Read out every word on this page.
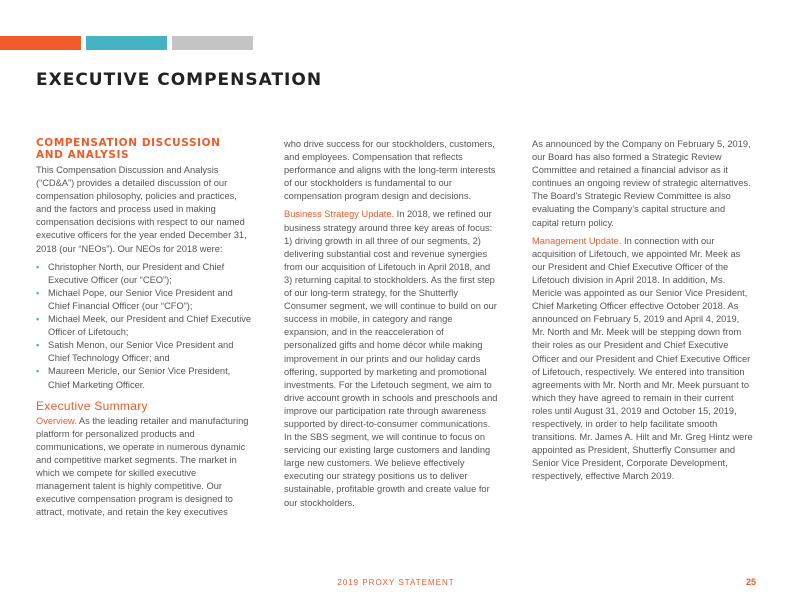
EXECUTIVE COMPENSATION
COMPENSATION DISCUSSION AND ANALYSIS

This Compensation Discussion and Analysis (“CD&A”) provides a detailed discussion of our compensation philosophy, policies and practices, and the factors and process used in making compensation decisions with respect to our named executive officers for the year ended December 31, 2018 (our “NEOs”). Our NEOs for 2018 were:

• Christopher North, our President and Chief Executive Officer (our “CEO”);
• Michael Pope, our Senior Vice President and Chief Financial Officer (our “CFO”);
• Michael Meek, our President and Chief Executive Officer of Lifetouch;
• Satish Menon, our Senior Vice President and Chief Technology Officer; and
• Maureen Mericle, our Senior Vice President, Chief Marketing Officer.
Executive Summary

Overview. As the leading retailer and manufacturing platform for personalized products and communications, we operate in numerous dynamic and competitive market segments. The market in which we compete for skilled executive management talent is highly competitive. Our executive compensation program is designed to attract, motivate, and retain the key executives

who drive success for our stockholders, customers, and employees. Compensation that reflects performance and aligns with the long-term interests of our stockholders is fundamental to our compensation program design and decisions.

Business Strategy Update. In 2018, we refined our business strategy around three key areas of focus: 1) driving growth in all three of our segments, 2) delivering substantial cost and revenue synergies from our acquisition of Lifetouch in April 2018, and 3) returning capital to stockholders. As the first step of our long-term strategy, for the Shutterfly Consumer segment, we will continue to build on our success in mobile, in category and range expansion, and in the reacceleration of personalized gifts and home décor while making improvement in our prints and our holiday cards offering, supported by marketing and promotional investments. For the Lifetouch segment, we aim to drive account growth in schools and preschools and improve our participation rate through awareness supported by direct-to-consumer communications. In the SBS segment, we will continue to focus on servicing our existing large customers and landing large new customers. We believe effectively executing our strategy positions us to deliver sustainable, profitable growth and create value for our stockholders.

As announced by the Company on February 5, 2019, our Board has also formed a Strategic Review Committee and retained a financial advisor as it continues an ongoing review of strategic alternatives. The Board’s Strategic Review Committee is also evaluating the Company’s capital structure and capital return policy.

Management Update. In connection with our acquisition of Lifetouch, we appointed Mr. Meek as our President and Chief Executive Officer of the Lifetouch division in April 2018. In addition, Ms. Mericle was appointed as our Senior Vice President, Chief Marketing Officer effective October 2018. As announced on February 5, 2019 and April 4, 2019, Mr. North and Mr. Meek will be stepping down from their roles as our President and Chief Executive Officer and our President and Chief Executive Officer of Lifetouch, respectively. We entered into transition agreements with Mr. North and Mr. Meek pursuant to which they have agreed to remain in their current roles until August 31, 2019 and October 15, 2019, respectively, in order to help facilitate smooth transitions. Mr. James A. Hilt and Mr. Greg Hintz were appointed as President, Shutterfly Consumer and Senior Vice President, Corporate Development, respectively, effective March 2019.

2019 PROXY STATEMENT	25
